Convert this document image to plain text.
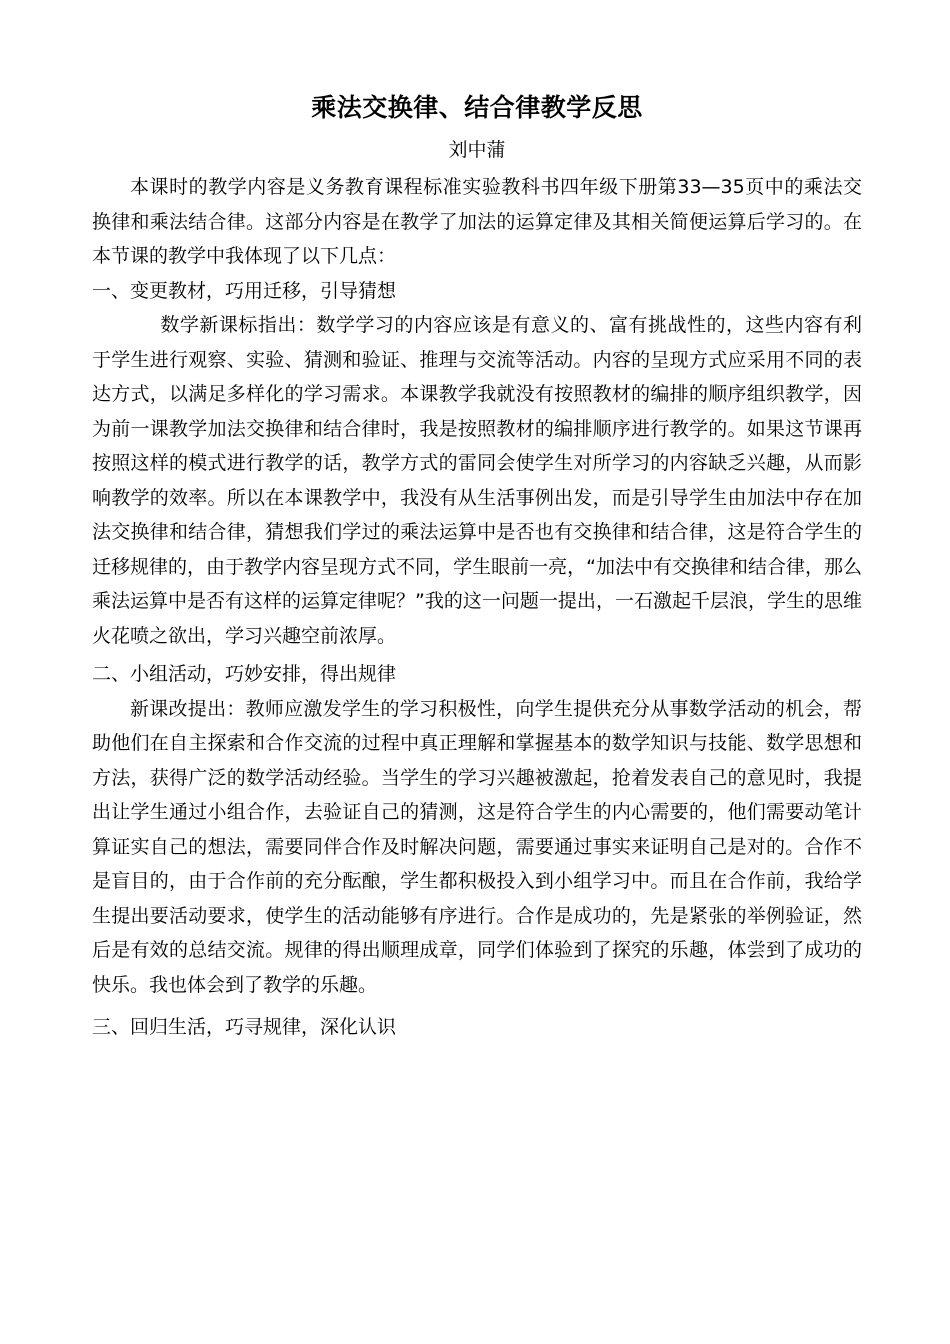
乘法交换律、结合律教学反思
刘中蒲

本课时的教学内容是义务教育课程标准实验教科书四年级下册第33—35页中的乘法交换律和乘法结合律。这部分内容是在教学了加法的运算定律及其相关简便运算后学习的。在本节课的教学中我体现了以下几点：

一、变更教材，巧用迁移，引导猜想

数学新课标指出：数学学习的内容应该是有意义的、富有挑战性的，这些内容有利于学生进行观察、实验、猜测和验证、推理与交流等活动。内容的呈现方式应采用不同的表达方式，以满足多样化的学习需求。本课教学我就没有按照教材的编排的顺序组织教学，因为前一课教学加法交换律和结合律时，我是按照教材的编排顺序进行教学的。如果这节课再按照这样的模式进行教学的话，教学方式的雷同会使学生对所学习的内容缺乏兴趣，从而影响教学的效率。所以在本课教学中，我没有从生活事例出发，而是引导学生由加法中存在加法交换律和结合律，猜想我们学过的乘法运算中是否也有交换律和结合律，这是符合学生的迁移规律的，由于教学内容呈现方式不同，学生眼前一亮，“加法中有交换律和结合律，那么乘法运算中是否有这样的运算定律呢？”我的这一问题一提出，一石激起千层浪，学生的思维火花喷之欲出，学习兴趣空前浓厚。

二、小组活动，巧妙安排，得出规律

新课改提出：教师应激发学生的学习积极性，向学生提供充分从事数学活动的机会，帮助他们在自主探索和合作交流的过程中真正理解和掌握基本的数学知识与技能、数学思想和方法，获得广泛的数学活动经验。当学生的学习兴趣被激起，抢着发表自己的意见时，我提出让学生通过小组合作，去验证自己的猜测，这是符合学生的内心需要的，他们需要动笔计算证实自己的想法，需要同伴合作及时解决问题，需要通过事实来证明自己是对的。合作不是盲目的，由于合作前的充分酝酿，学生都积极投入到小组学习中。而且在合作前，我给学生提出要活动要求，使学生的活动能够有序进行。合作是成功的，先是紧张的举例验证，然后是有效的总结交流。规律的得出顺理成章，同学们体验到了探究的乐趣，体尝到了成功的快乐。我也体会到了教学的乐趣。

三、回归生活，巧寻规律，深化认识
